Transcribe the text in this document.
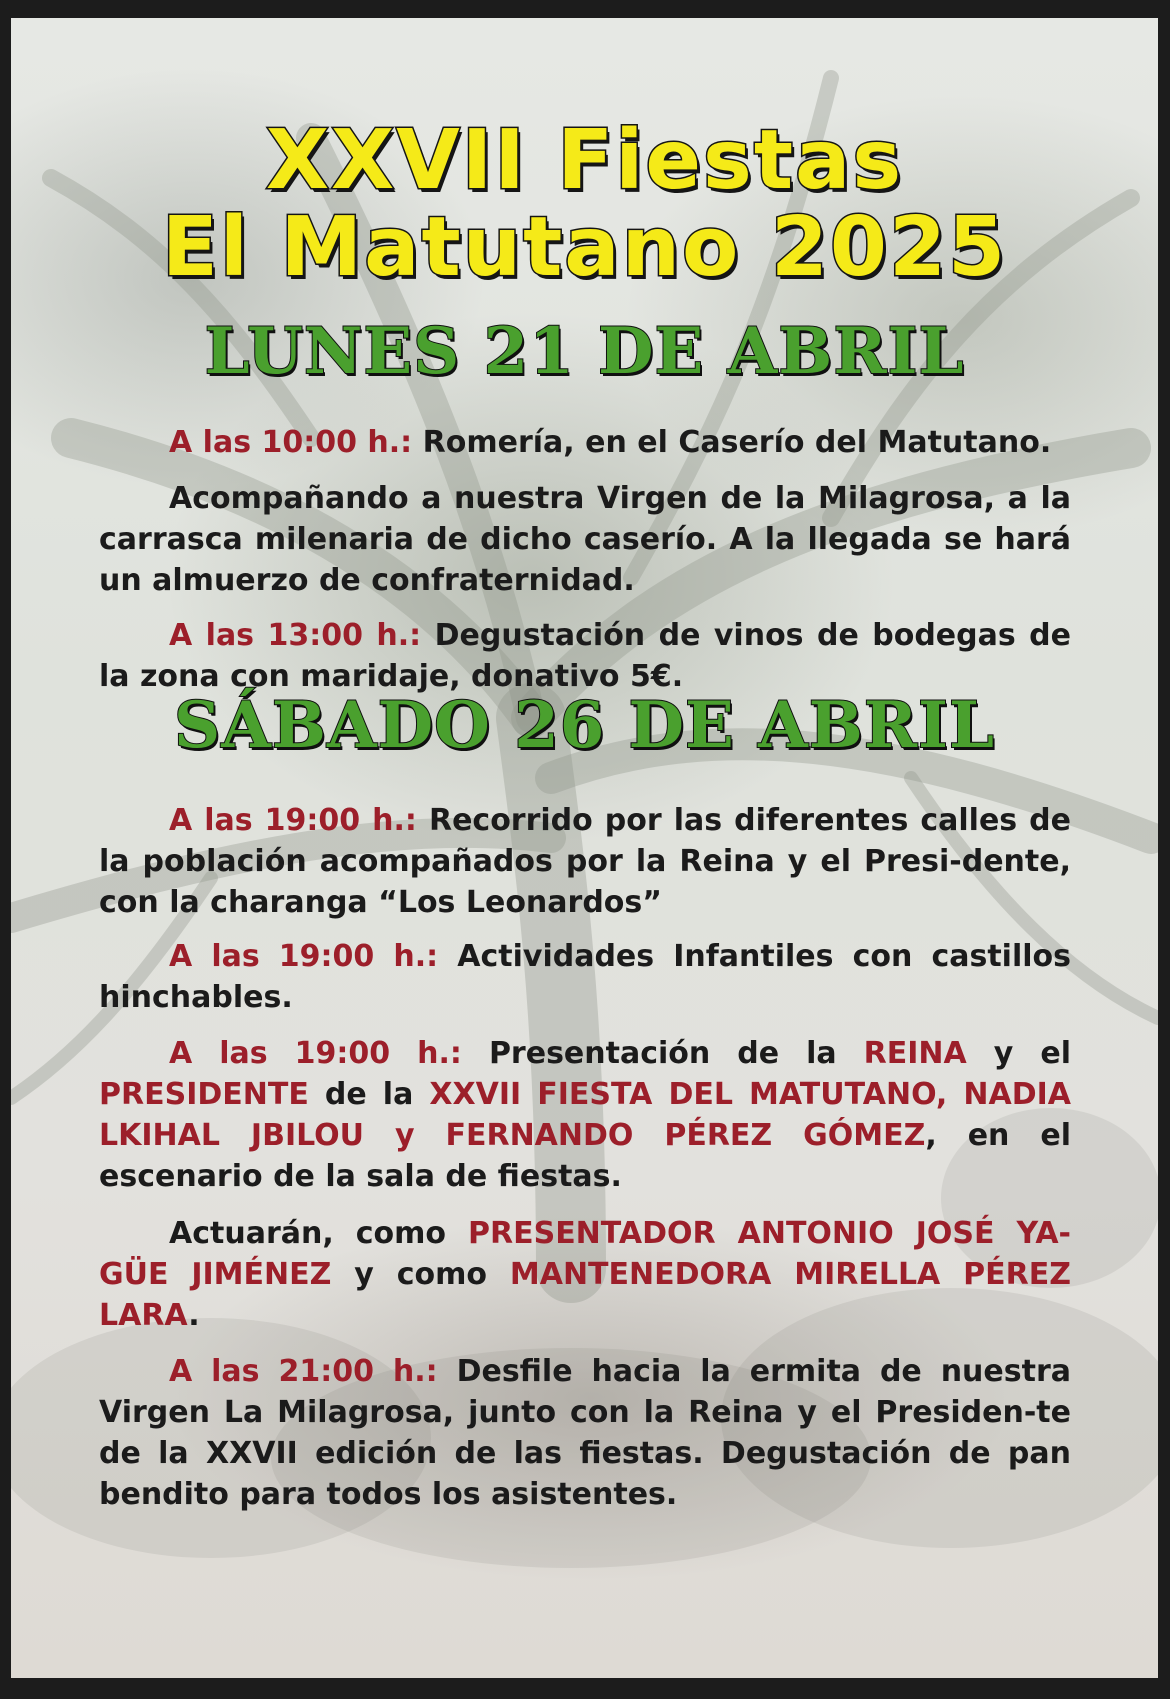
XXVII Fiestas
El Matutano 2025
LUNES 21 DE ABRIL

A las 10:00 h.: Romería, en el Caserío del Matutano.

Acompañando a nuestra Virgen de la Milagrosa, a la carrasca milenaria de dicho caserío. A la llegada se hará un almuerzo de confraternidad.

A las 13:00 h.: Degustación de vinos de bodegas de la zona con maridaje, donativo 5€.

SÁBADO 26 DE ABRIL

A las 19:00 h.: Recorrido por las diferentes calles de la población acompañados por la Reina y el Presi-dente, con la charanga “Los Leonardos”

A las 19:00 h.: Actividades Infantiles con castillos hinchables.

A las 19:00 h.: Presentación de la REINA y el PRESIDENTE de la XXVII FIESTA DEL MATUTANO, NADIA LKIHAL JBILOU y FERNANDO PÉREZ GÓMEZ, en el escenario de la sala de fiestas.

Actuarán, como PRESENTADOR ANTONIO JOSÉ YA-GÜE JIMÉNEZ y como MANTENEDORA MIRELLA PÉREZ LARA.

A las 21:00 h.: Desfile hacia la ermita de nuestra Virgen La Milagrosa, junto con la Reina y el Presiden-te de la XXVII edición de las fiestas. Degustación de pan bendito para todos los asistentes.
